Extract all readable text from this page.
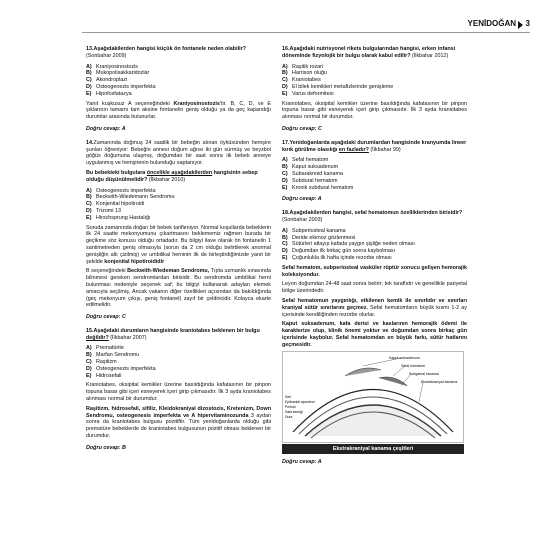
YENİDOĞAN 3
13.Aşağıdakilerden hangisi küçük ön fontanele neden olabilir? (Sonbahar 2009)
A) Kraniyosinostozis
B) Mukopolisakkaridozlar
C) Akondroplazi
D) Osteogenezis imperfekta
E) Hipofosfatazya

Yanıt kuşkusuz A seçeneğindeki Kraniyosinostozis'tir. B, C, D, ve E şıklarının tamamı tam aksine fontanelin geniş olduğu ya da geç kapandığı durumlar arasında bulunurlar.

Doğru cevap: A

14.Zamanında doğmuş 24 saatlik bir bebeğin alınan öyküsünden hemşire şunları öğreniyor: Bebeğin annesi doğum ağrısı iki gün sürmüş ve beyzbol göğüs doğumuna ulaşmış, doğumdan bir saat sonra ilk bebek anneye uygulanmış ve hemşirenin bulunduğu saptanıyor.

Bu bebekteki bulgulara öncelikle aşağıdakilerden hangisinin sebep olduğu düşünülmelidir? (İlkbahar 2010)
A) Osteogenezis imperfekta
B) Beckwith-Wiedemann Sendromu
C) Konjenital hipotiroidi
D) Trizomi 13
E) Hirschsprung Hastalığı

Soruda zamanında doğan bir bebek tarifleniyor. Normal koşullarda bebeklerin ilk 24 saatte mekonyumunu çıkartmasını beklememiz rağmen burada bir geçikme söz konusu olduğu ortadadır. Bu bilgiyi ilave olarak ön fontanelin 1 santimetreden geniş olmasıyla (sorun da 2 cm olduğu belirtilerek anormal genişliğin altı çizilmiş) ve umbilikal herninin ilk de birleştirdiğimizde yanıt bir şekilde konjenital hipotiroididir

B seçeneğindeki Beckwith-Wiedeman Sendromu, Tıpta uzmanlık sınavında bilinmesi gereken sendromlardan birisidir. Bu sendromda umbilikal herni bulunması nedeniyle seçenek saf; bu bilgiyi kullanarak adayları elemek amacıyla seçilmiş. Ancak vakanın diğer özellikleri açısından da bakıldığında (geç mekonyum çıkışı, geniş fontanel) zayıf bir çeldiricidir. Kolayca ekarte edilmelidir.

Doğru cevap: C
15.Aşağıdaki durumların hangisinde kraniotabes beklenen bir bulgu değildir? (İlkbahar 2007)
A) Prematürite
B) Marfan Sendromu
C) Raşitizm
D) Osteogenezis imperfekta
E) Hidrosefali

Kraniotabes, oksipital kemikler üzerine basıldığında kafatasının bir pinpon topuna basar gibi içeri esneyerek içeri girip çıkmasıdır. İlk 3 ayda kraniotabes alınması normal bir durumdur.

Raşitizm, hidrosefali, sifiliz, Kleidokraniyal dizostozis, Kretenizm, Down Sendromu, osteogenesis imperfekta ve A hipervitaminozunda 3 aydan sonra da kraniotabes bulgusu pozitiftir. Tüm yenidoğanlarda olduğu gibi prematüre bebeklerde de kraniotabes bulgusunun pozitif olması beklenen bir durumdur.

Doğru cevap: B
16.Aşağıdaki nutrisyonel rikets bulgularından hangisi, erken infansi döneminde fizyolojik bir bulgu olarak kabul edilir? (İlkbahar 2012)
A) Raşitik rozari
B) Harrison oluğu
C) Kraniotabes
D) El bilek kemikleri metafizlerinde genişleme
E) Varus deformitesi

Kraniotabes, oksipital kemikler üzerine basıldığında kafatasının bir pinpon topuna basar gibi esneyerek içeri girip çıkmasıdır. İlk 3 ayda kraniotabes alınması normal bir durumdur.

Doğru cevap: C
17.Yenidoğanlarda aşağıdaki durumlardan hangisinde kranyumda lineer kırık görülme olasılığı en fazladır? (İlkbahar 99)
A) Sefal hematom
B) Kaput suksadenum
C) Subaraknoid kanama
D) Subdural hematom
E) Kronik subdural hematom
Doğru cevap: A
18.Aşağıdakilerden hangisi, sefal hematomun özelliklerinden birisidir? (Sonbahar 2003)
A) Subperiosteal kanama
B) Deride ekimoz gözlenmesi
C) Sütürleri atlayıp kafada yaygın şişliğe neden olması
D) Doğumdan ilk birkaç gün sonra kaybolması
E) Çoğunlukla ilk hafta içinde rezorbe olması

Sefal hematom, subperiosteal vasküler rüptür sonucu gelişen hemorajik koleksiyondur.

Leyon doğumdan 24-48 saat sonra belirir; tek taraflıdır ve genellikle pariyetal bölge üzerindedir.

Sefal hematomun yaygınlığı, etkilenen kemik ile sınırlıdır ve sınırları kraniyal sütür sınırlarını geçmez. Sefal hematomların büyük kısmı 1-2 ay içerisinde kendiliğinden rezorbe olurlar.

Kaput suksadenum, kafa derisi ve kaslarının hemorajik ödemi ile karakterize olup, klinik önemi yoktur ve doğumdan sonra birkaç gün içerisinde kaybolur. Sefal hematomdan en büyük farkı, sütür hatlarını geçmesidir.

Kaput suksadenum
Sefal hematom
Subgaleal kanama
Ekstrakraniyal kanama
Deri
Epikranial aponöroz
Periost
Kafa kemiği
Dura
Ekstrakraniyal kanama çeşitleri
Doğru cevap: A
